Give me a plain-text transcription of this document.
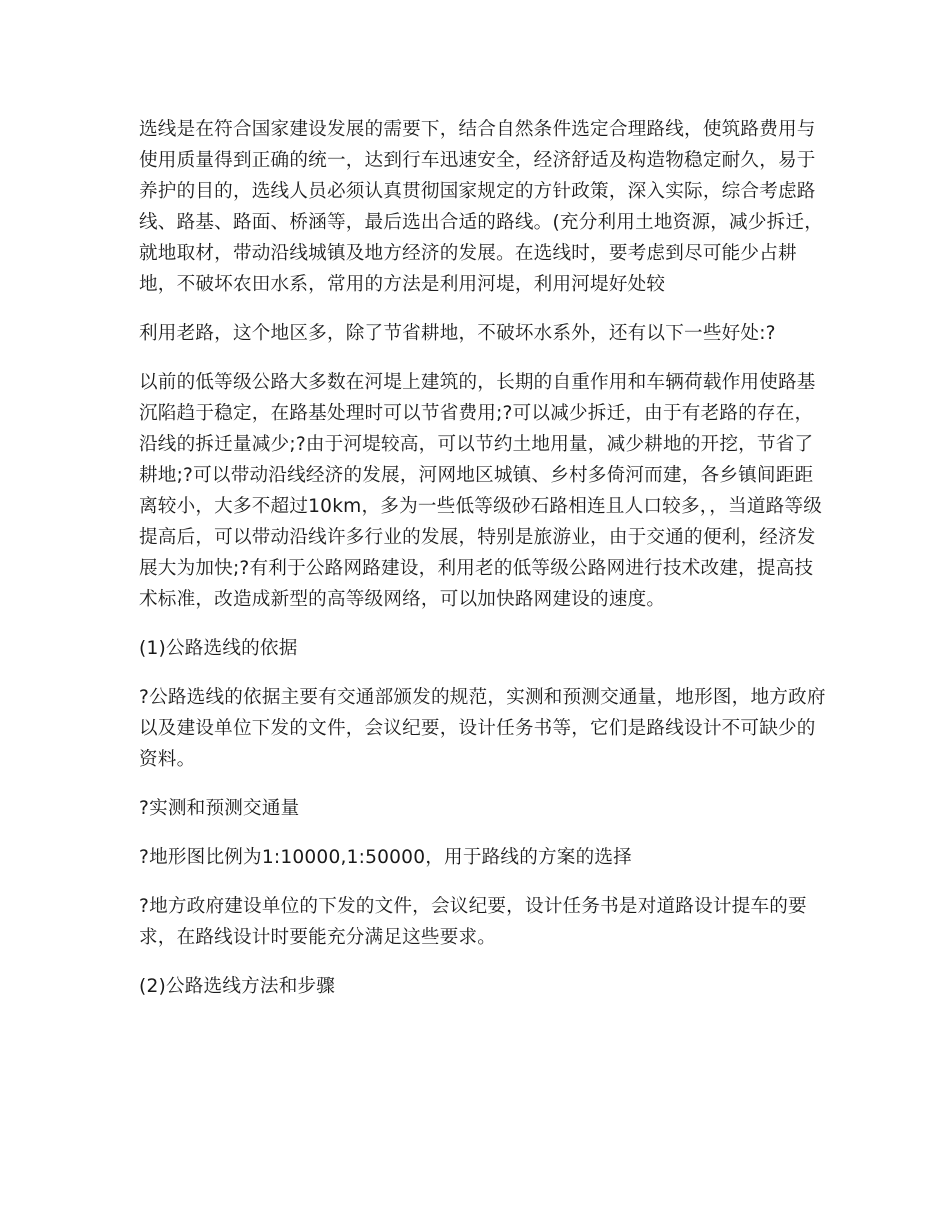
选线是在符合国家建设发展的需要下，结合自然条件选定合理路线，使筑路费用与使用质量得到正确的统一，达到行车迅速安全，经济舒适及构造物稳定耐久，易于养护的目的，选线人员必须认真贯彻国家规定的方针政策，深入实际，综合考虑路线、路基、路面、桥涵等，最后选出合适的路线。(充分利用土地资源，减少拆迁，就地取材，带动沿线城镇及地方经济的发展。在选线时，要考虑到尽可能少占耕地，不破坏农田水系，常用的方法是利用河堤，利用河堤好处较

利用老路，这个地区多，除了节省耕地，不破坏水系外，还有以下一些好处:?

以前的低等级公路大多数在河堤上建筑的，长期的自重作用和车辆荷载作用使路基沉陷趋于稳定，在路基处理时可以节省费用;?可以减少拆迁，由于有老路的存在，沿线的拆迁量减少;?由于河堤较高，可以节约土地用量，减少耕地的开挖，节省了耕地;?可以带动沿线经济的发展，河网地区城镇、乡村多倚河而建，各乡镇间距距离较小，大多不超过10km，多为一些低等级砂石路相连且人口较多，，当道路等级提高后，可以带动沿线许多行业的发展，特别是旅游业，由于交通的便利，经济发展大为加快;?有利于公路网路建设，利用老的低等级公路网进行技术改建，提高技术标准，改造成新型的高等级网络，可以加快路网建设的速度。

(1)公路选线的依据

?公路选线的依据主要有交通部颁发的规范，实测和预测交通量，地形图，地方政府以及建设单位下发的文件，会议纪要，设计任务书等，它们是路线设计不可缺少的资料。

?实测和预测交通量

?地形图比例为1:10000,1:50000，用于路线的方案的选择

?地方政府建设单位的下发的文件，会议纪要，设计任务书是对道路设计提车的要求，在路线设计时要能充分满足这些要求。

(2)公路选线方法和步骤
